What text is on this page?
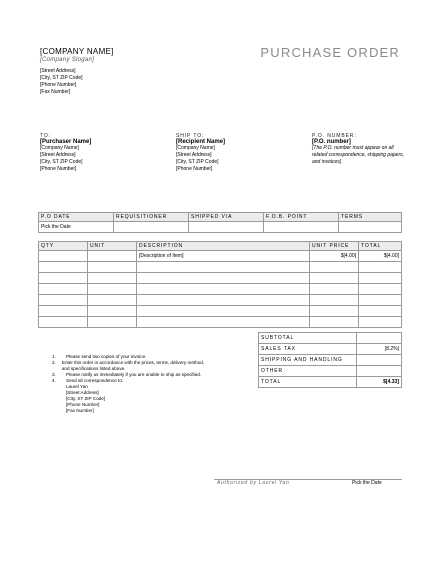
[COMPANY NAME]
[Company Slogan]
[Street Address]
[City, ST ZIP Code]
[Phone Number]
[Fax Number]
PURCHASE ORDER
TO:
[Purchaser Name]
[Company Name]
[Street Address]
[City, ST ZIP Code]
[Phone Number]
SHIP TO:
[Recipient Name]
[Company Name]
[Street Address]
[City, ST ZIP Code]
[Phone Number]
P.O. NUMBER:
[P.O. number]
[The P.O. number must appear on all related correspondence, shipping papers, and invoices]
P.O DATE	REQUISITIONER	SHIPPED VIA	F.O.B. POINT	TERMS
Pick the Date				
QTY	UNIT	DESCRIPTION	UNIT PRICE	TOTAL
		[Description of Item]	$[4.00]	$[4.00]

SUBTOTAL	
SALES TAX	[8.2%]
SHIPPING AND HANDLING	
OTHER	
TOTAL	$[4.33]
1.	Please send two copies of your invoice.
2.	Enter this order in accordance with the prices, terms, delivery method, and specifications listed above.
3.	Please notify us immediately if you are unable to ship as specified.
4.	Send all correspondence to:
Laurel Yan
[Street Address]
[City, ST ZIP Code]
[Phone Number]
[Fax Number]
Authorized by Laurel Yan	Pick the Date
